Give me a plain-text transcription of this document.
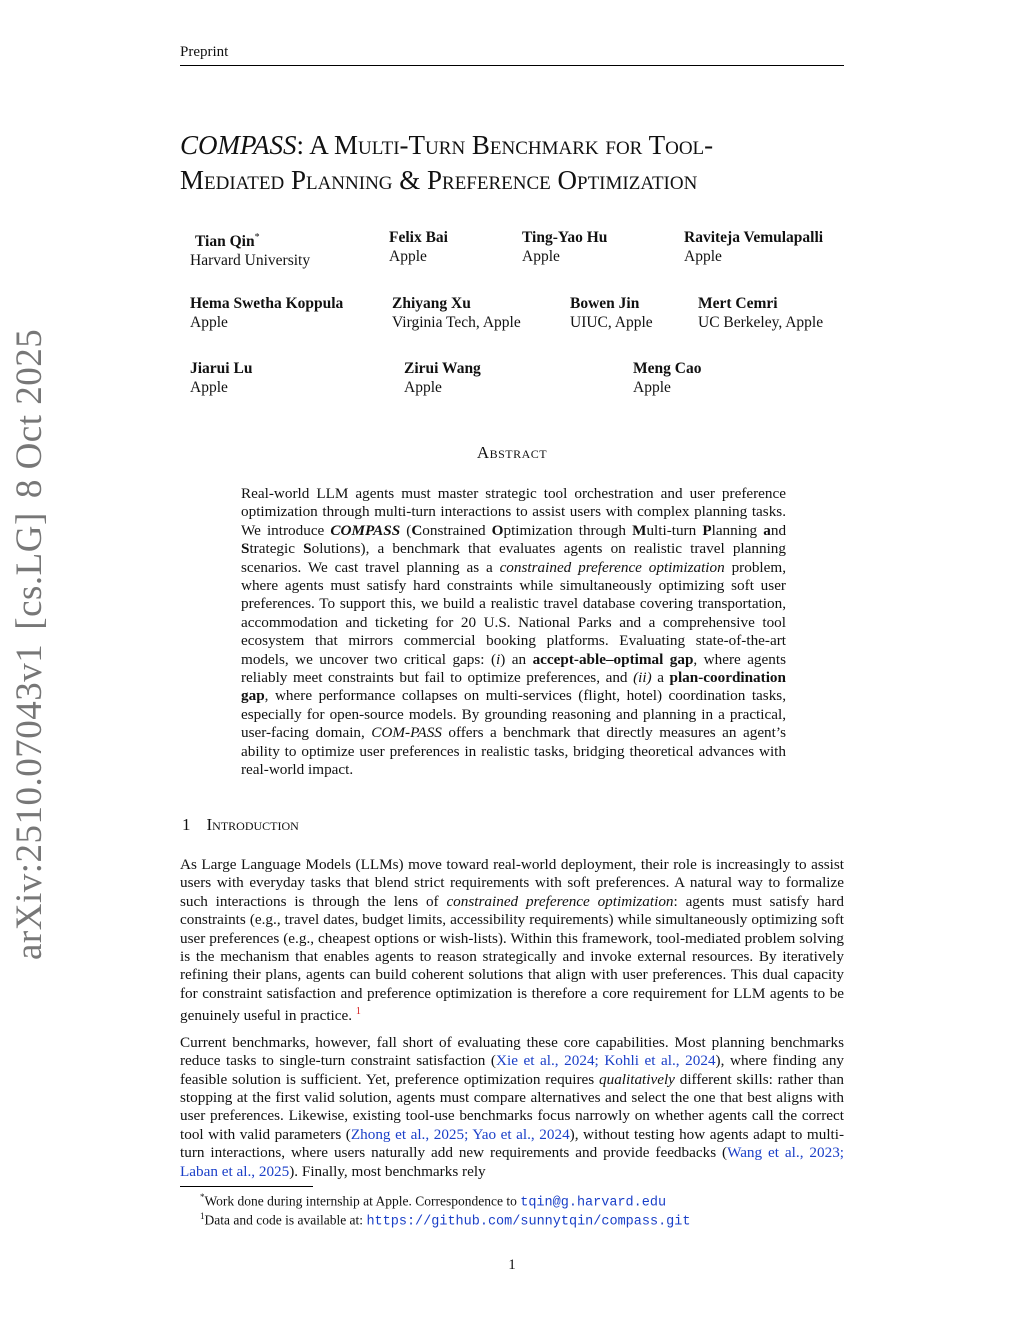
Preprint
arXiv:2510.07043v1[cs.LG]8 Oct 2025
COMPASS: A Multi-Turn Benchmark for Tool-
Mediated Planning & Preference Optimization
Tian Qin*
Harvard University
Felix Bai
Apple
Ting-Yao Hu
Apple
Raviteja Vemulapalli
Apple
Hema Swetha Koppula
Apple
Zhiyang Xu
Virginia Tech, Apple
Bowen Jin
UIUC, Apple
Mert Cemri
UC Berkeley, Apple
Jiarui Lu
Apple
Zirui Wang
Apple
Meng Cao
Apple
Abstract

Real-world LLM agents must master strategic tool orchestration and user preference optimization through multi-turn interactions to assist users with complex planning tasks. We introduce COMPASS (Constrained Optimization through Multi-turn Planning and Strategic Solutions), a benchmark that evaluates agents on realistic travel planning scenarios. We cast travel planning as a constrained preference optimization problem, where agents must satisfy hard constraints while simultaneously optimizing soft user preferences. To support this, we build a realistic travel database covering transportation, accommodation and ticketing for 20 U.S. National Parks and a comprehensive tool ecosystem that mirrors commercial booking platforms. Evaluating state-of-the-art models, we uncover two critical gaps: (i) an accept-able–optimal gap, where agents reliably meet constraints but fail to optimize preferences, and (ii) a plan-coordination gap, where performance collapses on multi-services (flight, hotel) coordination tasks, especially for open-source models. By grounding reasoning and planning in a practical, user-facing domain, COM-PASS offers a benchmark that directly measures an agent’s ability to optimize user preferences in realistic tasks, bridging theoretical advances with real-world impact.

1 Introduction

As Large Language Models (LLMs) move toward real-world deployment, their role is increasingly to assist users with everyday tasks that blend strict requirements with soft preferences. A natural way to formalize such interactions is through the lens of constrained preference optimization: agents must satisfy hard constraints (e.g., travel dates, budget limits, accessibility requirements) while simultaneously optimizing soft user preferences (e.g., cheapest options or wish-lists). Within this framework, tool-mediated problem solving is the mechanism that enables agents to reason strategically and invoke external resources. By iteratively refining their plans, agents can build coherent solutions that align with user preferences. This dual capacity for constraint satisfaction and preference optimization is therefore a core requirement for LLM agents to be genuinely useful in practice. $^1$

Current benchmarks, however, fall short of evaluating these core capabilities. Most planning benchmarks reduce tasks to single-turn constraint satisfaction (Xie et al., 2024; Kohli et al., 2024), where finding any feasible solution is sufficient. Yet, preference optimization requires qualitatively different skills: rather than stopping at the first valid solution, agents must compare alternatives and select the one that best aligns with user preferences. Likewise, existing tool-use benchmarks focus narrowly on whether agents call the correct tool with valid parameters (Zhong et al., 2025; Yao et al., 2024), without testing how agents adapt to multi-turn interactions, where users naturally add new requirements and provide feedbacks (Wang et al., 2023; Laban et al., 2025). Finally, most benchmarks rely

*Work done during internship at Apple. Correspondence to tqin@g.harvard.edu
$^1$Data and code is available at: https://github.com/sunnytqin/compass.git
1
